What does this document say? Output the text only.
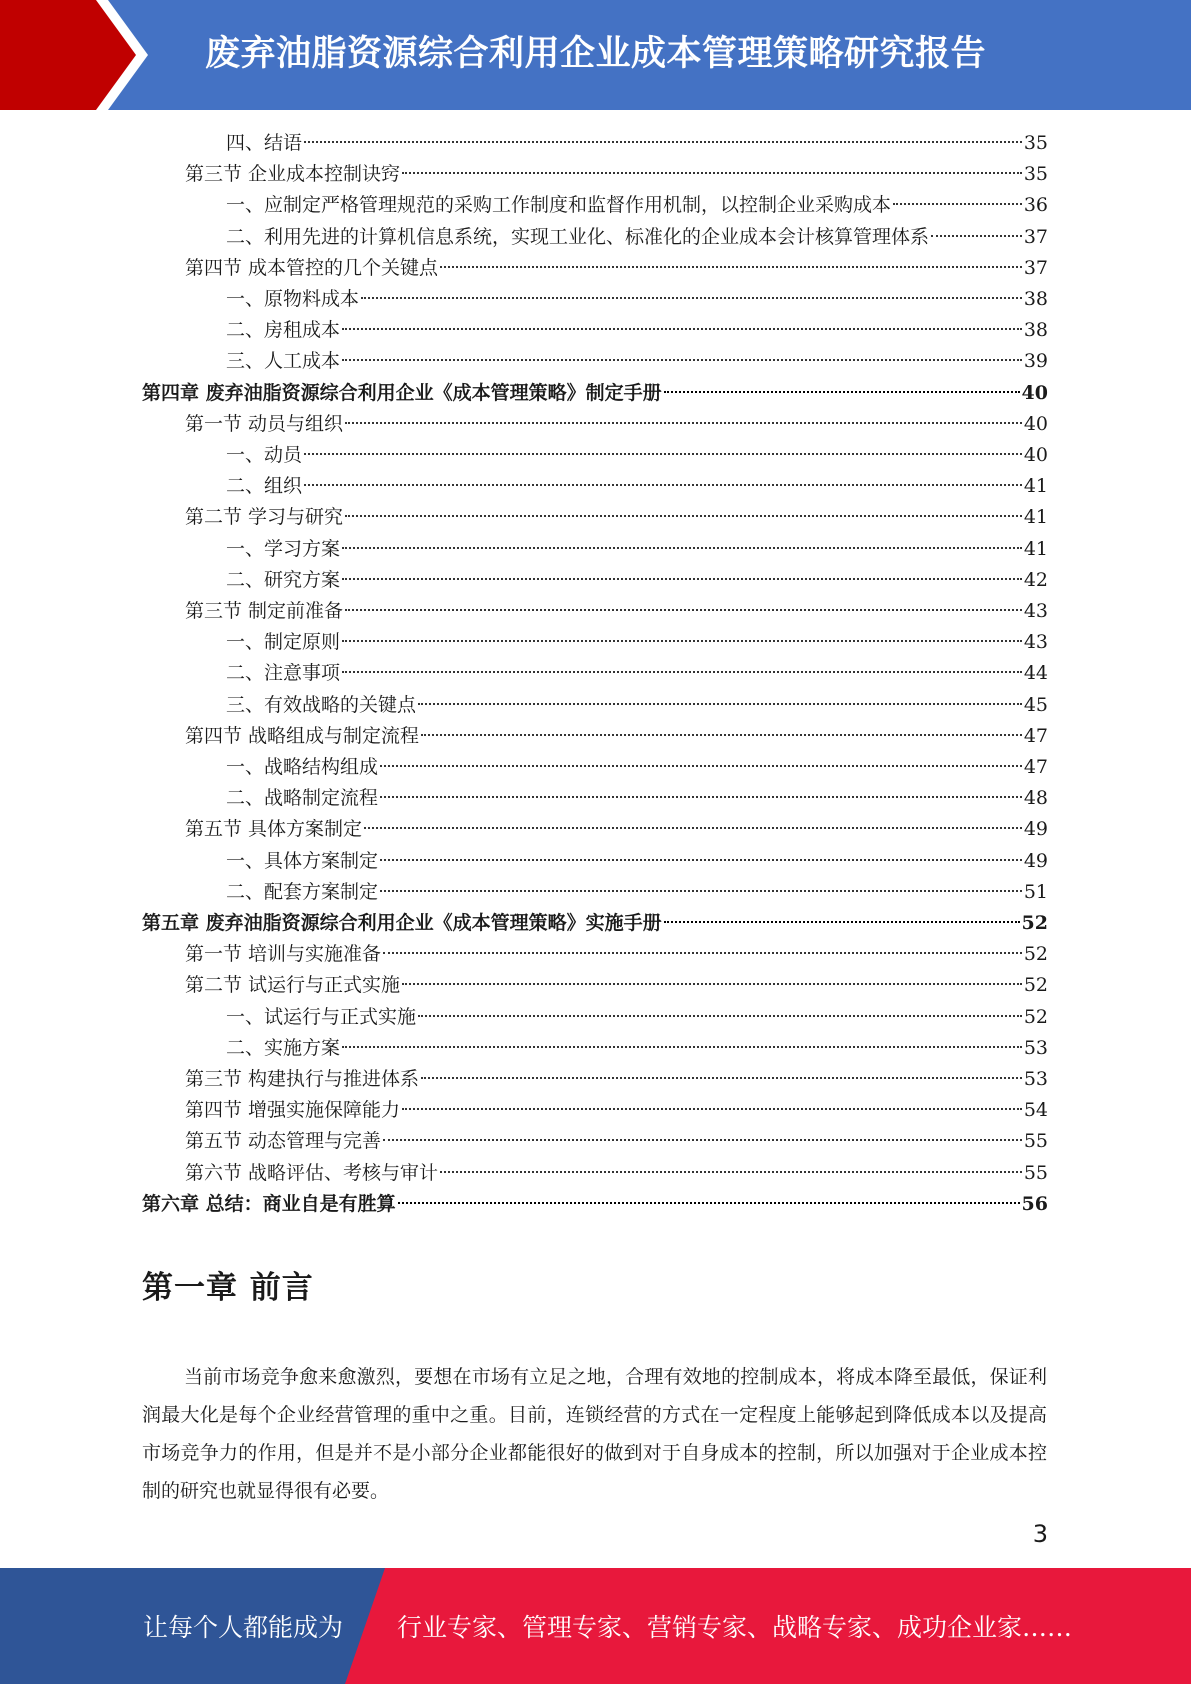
废弃油脂资源综合利用企业成本管理策略研究报告
四、结语	35
第三节 企业成本控制诀窍	35
一、应制定严格管理规范的采购工作制度和监督作用机制，以控制企业采购成本	36
二、利用先进的计算机信息系统，实现工业化、标准化的企业成本会计核算管理体系	37
第四节 成本管控的几个关键点	37
一、原物料成本	38
二、房租成本	38
三、人工成本	39
第四章 废弃油脂资源综合利用企业《成本管理策略》制定手册	40
第一节 动员与组织	40
一、动员	40
二、组织	41
第二节 学习与研究	41
一、学习方案	41
二、研究方案	42
第三节 制定前准备	43
一、制定原则	43
二、注意事项	44
三、有效战略的关键点	45
第四节 战略组成与制定流程	47
一、战略结构组成	47
二、战略制定流程	48
第五节 具体方案制定	49
一、具体方案制定	49
二、配套方案制定	51
第五章 废弃油脂资源综合利用企业《成本管理策略》实施手册	52
第一节 培训与实施准备	52
第二节 试运行与正式实施	52
一、试运行与正式实施	52
二、实施方案	53
第三节 构建执行与推进体系	53
第四节 增强实施保障能力	54
第五节 动态管理与完善	55
第六节 战略评估、考核与审计	55
第六章 总结：商业自是有胜算	56
第一章 前言
当前市场竞争愈来愈激烈，要想在市场有立足之地，合理有效地的控制成本，将成本降至最低，保证利润最大化是每个企业经营管理的重中之重。目前，连锁经营的方式在一定程度上能够起到降低成本以及提高市场竞争力的作用，但是并不是小部分企业都能很好的做到对于自身成本的控制，所以加强对于企业成本控制的研究也就显得很有必要。
3
让每个人都能成为 行业专家、管理专家、营销专家、战略专家、成功企业家……
